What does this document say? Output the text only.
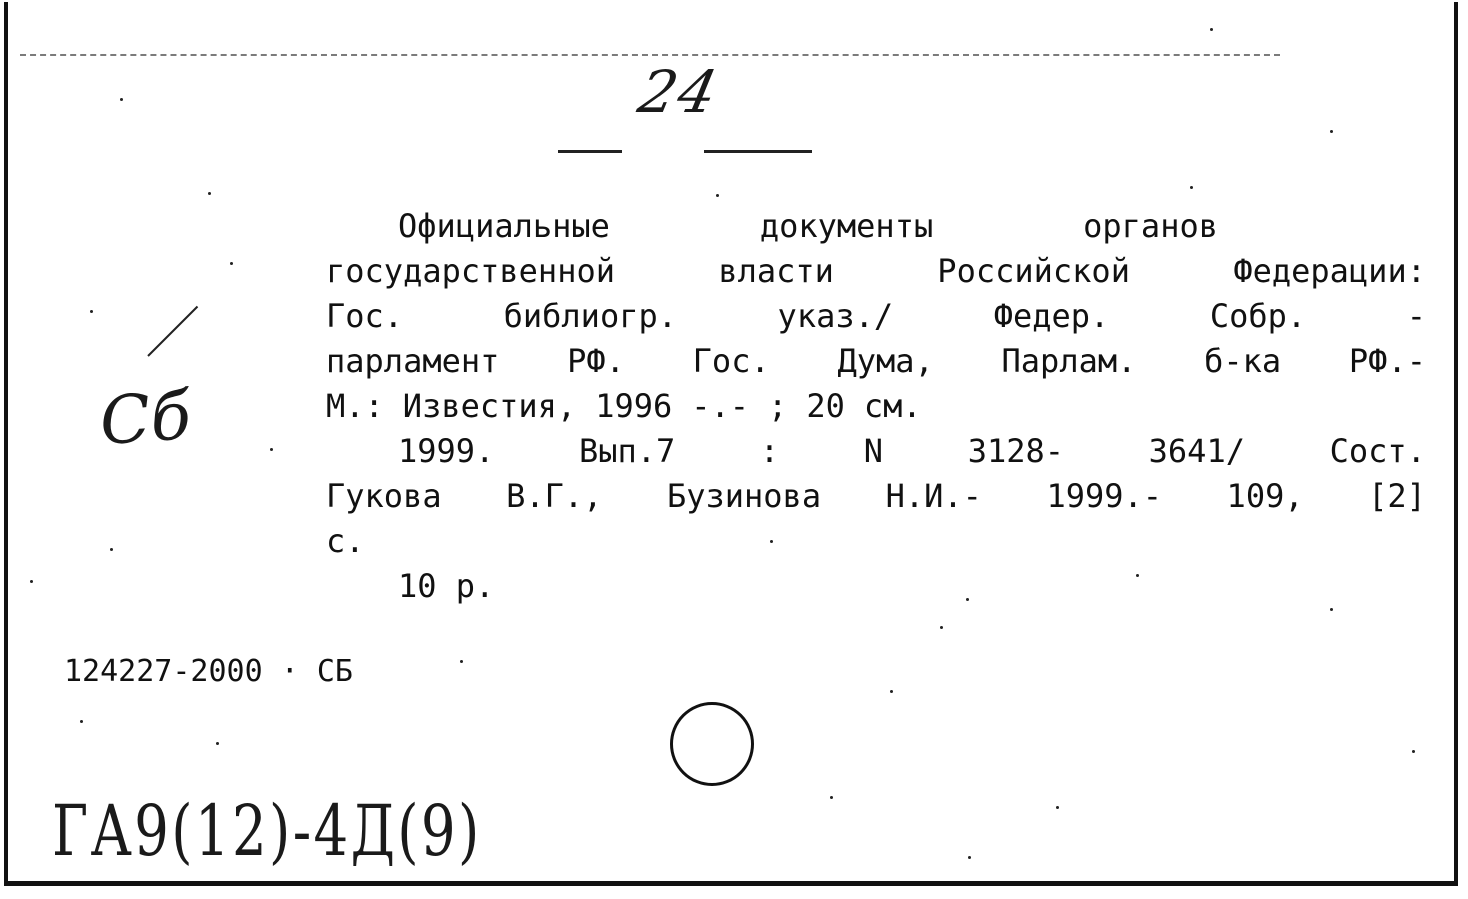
24
Сб
Официальные	документы	органов
государственной	власти	Российской	Федерации:
Гос.	библиогр.	указ./	Федер.	Собр.	-
парламент РФ. Гос. Дума, Парлам. б-ка РФ.-
М.: Известия, 1996 -.- ; 20 см.
1999.	Вып.7	:	N	3128-	3641/	Сост.
Гукова В.Г., Бузинова Н.И.- 1999.- 109, [2]
с.
10 р.
124227-2000 · СБ
ГА9(12)-4Д(9)
